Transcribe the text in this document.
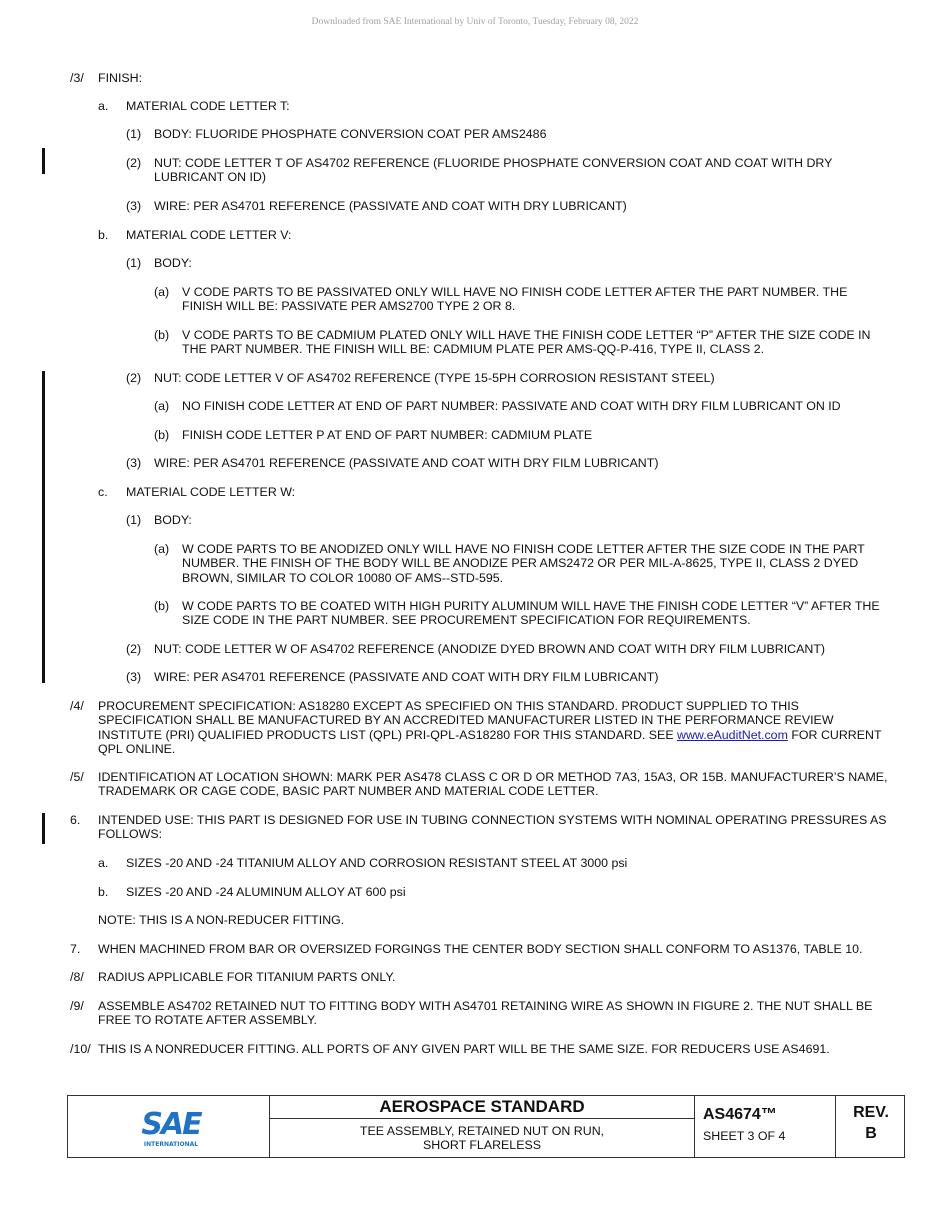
Downloaded from SAE International by Univ of Toronto, Tuesday, February 08, 2022
/3/ FINISH:
a. MATERIAL CODE LETTER T:
(1) BODY: FLUORIDE PHOSPHATE CONVERSION COAT PER AMS2486
(2) NUT: CODE LETTER T OF AS4702 REFERENCE (FLUORIDE PHOSPHATE CONVERSION COAT AND COAT WITH DRY LUBRICANT ON ID)
(3) WIRE: PER AS4701 REFERENCE (PASSIVATE AND COAT WITH DRY LUBRICANT)
b. MATERIAL CODE LETTER V:
(1) BODY:
(a) V CODE PARTS TO BE PASSIVATED ONLY WILL HAVE NO FINISH CODE LETTER AFTER THE PART NUMBER. THE FINISH WILL BE: PASSIVATE PER AMS2700 TYPE 2 OR 8.
(b) V CODE PARTS TO BE CADMIUM PLATED ONLY WILL HAVE THE FINISH CODE LETTER “P” AFTER THE SIZE CODE IN THE PART NUMBER. THE FINISH WILL BE: CADMIUM PLATE PER AMS-QQ-P-416, TYPE II, CLASS 2.
(2) NUT: CODE LETTER V OF AS4702 REFERENCE (TYPE 15-5PH CORROSION RESISTANT STEEL)
(a) NO FINISH CODE LETTER AT END OF PART NUMBER: PASSIVATE AND COAT WITH DRY FILM LUBRICANT ON ID
(b) FINISH CODE LETTER P AT END OF PART NUMBER: CADMIUM PLATE
(3) WIRE: PER AS4701 REFERENCE (PASSIVATE AND COAT WITH DRY FILM LUBRICANT)
c. MATERIAL CODE LETTER W:
(1) BODY:
(a) W CODE PARTS TO BE ANODIZED ONLY WILL HAVE NO FINISH CODE LETTER AFTER THE SIZE CODE IN THE PART NUMBER. THE FINISH OF THE BODY WILL BE ANODIZE PER AMS2472 OR PER MIL-A-8625, TYPE II, CLASS 2 DYED BROWN, SIMILAR TO COLOR 10080 OF AMS--STD-595.
(b) W CODE PARTS TO BE COATED WITH HIGH PURITY ALUMINUM WILL HAVE THE FINISH CODE LETTER “V” AFTER THE SIZE CODE IN THE PART NUMBER. SEE PROCUREMENT SPECIFICATION FOR REQUIREMENTS.
(2) NUT: CODE LETTER W OF AS4702 REFERENCE (ANODIZE DYED BROWN AND COAT WITH DRY FILM LUBRICANT)
(3) WIRE: PER AS4701 REFERENCE (PASSIVATE AND COAT WITH DRY FILM LUBRICANT)
/4/ PROCUREMENT SPECIFICATION: AS18280 EXCEPT AS SPECIFIED ON THIS STANDARD. PRODUCT SUPPLIED TO THIS SPECIFICATION SHALL BE MANUFACTURED BY AN ACCREDITED MANUFACTURER LISTED IN THE PERFORMANCE REVIEW INSTITUTE (PRI) QUALIFIED PRODUCTS LIST (QPL) PRI-QPL-AS18280 FOR THIS STANDARD. SEE www.eAuditNet.com FOR CURRENT QPL ONLINE.
/5/ IDENTIFICATION AT LOCATION SHOWN: MARK PER AS478 CLASS C OR D OR METHOD 7A3, 15A3, OR 15B. MANUFACTURER’S NAME, TRADEMARK OR CAGE CODE, BASIC PART NUMBER AND MATERIAL CODE LETTER.
6. INTENDED USE: THIS PART IS DESIGNED FOR USE IN TUBING CONNECTION SYSTEMS WITH NOMINAL OPERATING PRESSURES AS FOLLOWS:
a. SIZES -20 AND -24 TITANIUM ALLOY AND CORROSION RESISTANT STEEL AT 3000 psi
b. SIZES -20 AND -24 ALUMINUM ALLOY AT 600 psi
NOTE: THIS IS A NON-REDUCER FITTING.
7. WHEN MACHINED FROM BAR OR OVERSIZED FORGINGS THE CENTER BODY SECTION SHALL CONFORM TO AS1376, TABLE 10.
/8/ RADIUS APPLICABLE FOR TITANIUM PARTS ONLY.
/9/ ASSEMBLE AS4702 RETAINED NUT TO FITTING BODY WITH AS4701 RETAINING WIRE AS SHOWN IN FIGURE 2. THE NUT SHALL BE FREE TO ROTATE AFTER ASSEMBLY.
/10/ THIS IS A NONREDUCER FITTING. ALL PORTS OF ANY GIVEN PART WILL BE THE SAME SIZE. FOR REDUCERS USE AS4691.
SAE
INTERNATIONAL
AEROSPACE STANDARD
TEE ASSEMBLY, RETAINED NUT ON RUN,
SHORT FLARELESS
AS4674™
SHEET 3 OF 4
REV.
B
